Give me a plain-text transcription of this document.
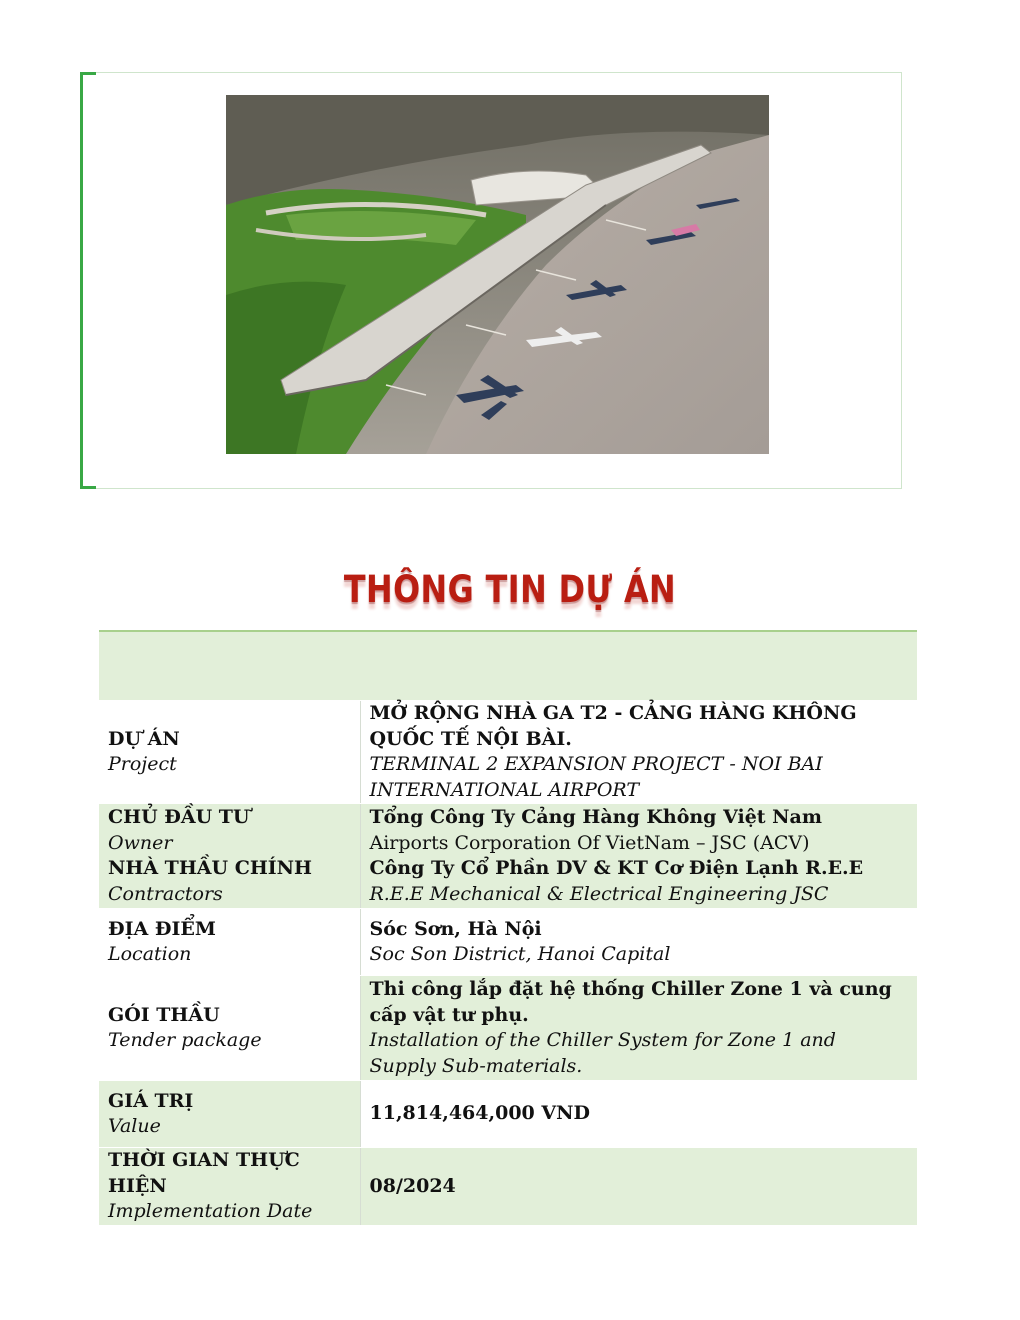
THÔNG TIN DỰ ÁN

DỰ ÁN
Project	MỞ RỘNG NHÀ GA T2 - CẢNG HÀNG KHÔNG QUỐC TẾ NỘI BÀI.
TERMINAL 2 EXPANSION PROJECT - NOI BAI INTERNATIONAL AIRPORT

CHỦ ĐẦU TƯ
Owner
NHÀ THẦU CHÍNH
Contractors	Tổng Công Ty Cảng Hàng Không Việt Nam
Airports Corporation Of VietNam – JSC (ACV)
Công Ty Cổ Phần DV & KT Cơ Điện Lạnh R.E.E
R.E.E Mechanical & Electrical Engineering JSC

ĐỊA ĐIỂM
Location	Sóc Sơn, Hà Nội
Soc Son District, Hanoi Capital

GÓI THẦU
Tender package	Thi công lắp đặt hệ thống Chiller Zone 1 và cung cấp vật tư phụ.
Installation of the Chiller System for Zone 1 and Supply Sub-materials.

GIÁ TRỊ
Value	11,814,464,000 VND

THỜI GIAN THỰC HIỆN
Implementation Date	08/2024
